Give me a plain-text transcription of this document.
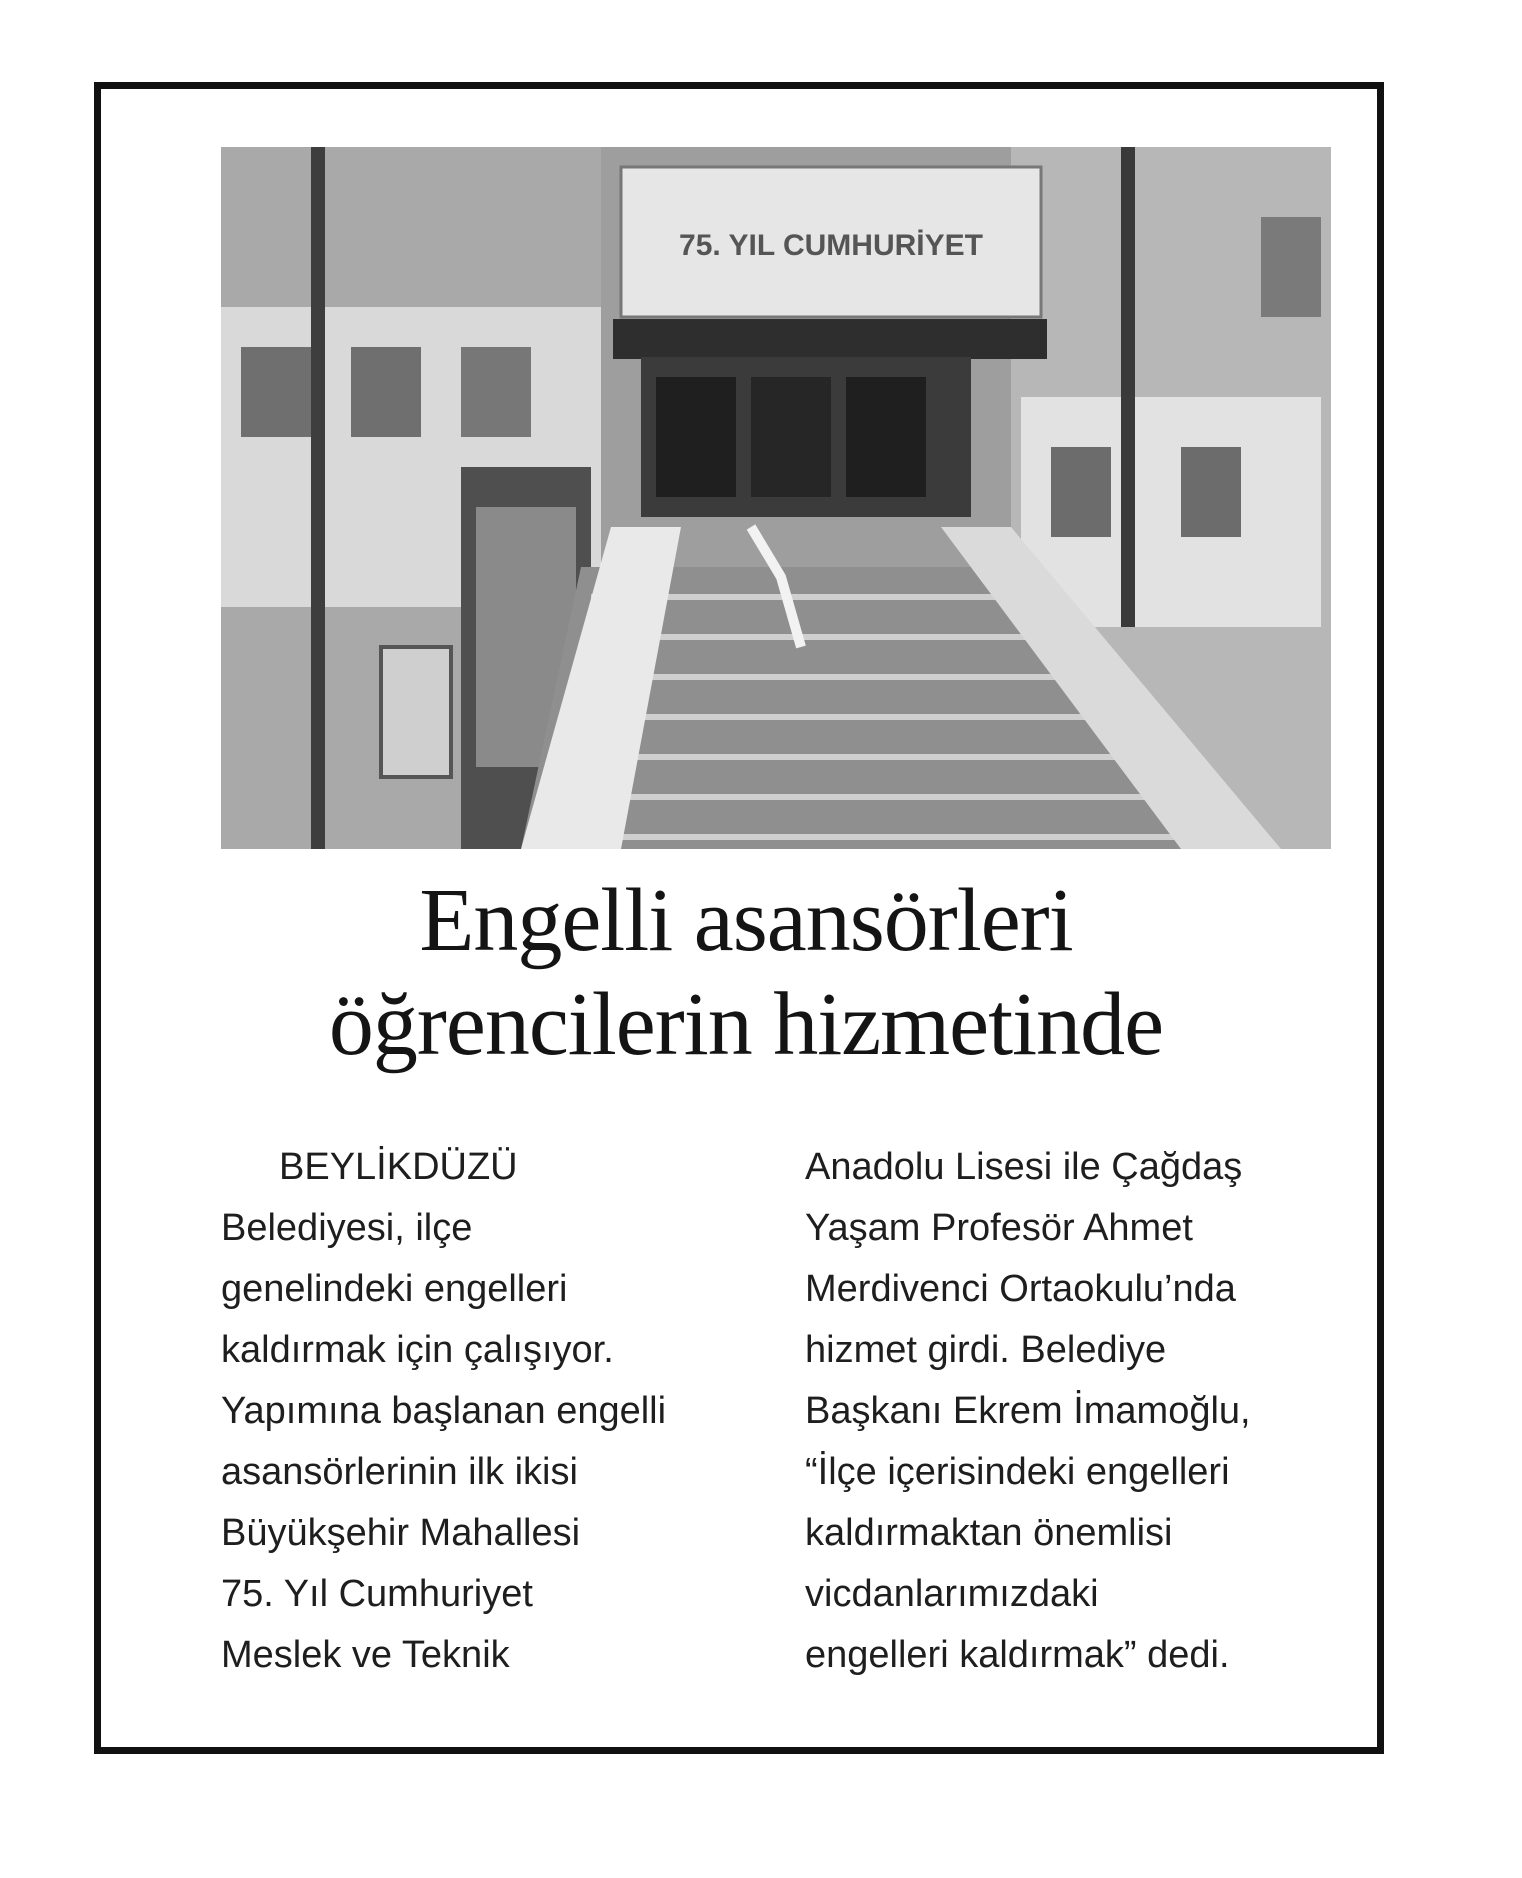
75. YIL CUMHURİYET
Engelli asansörleri
öğrencilerin hizmetinde
BEYLİKDÜZÜ
Belediyesi, ilçe
genelindeki engelleri
kaldırmak için çalışıyor.
Yapımına başlanan engelli
asansörlerinin ilk ikisi
Büyükşehir Mahallesi
75. Yıl Cumhuriyet
Meslek ve Teknik
Anadolu Lisesi ile Çağdaş
Yaşam Profesör Ahmet
Merdivenci Ortaokulu’nda
hizmet girdi. Belediye
Başkanı Ekrem İmamoğlu,
“İlçe içerisindeki engelleri
kaldırmaktan önemlisi
vicdanlarımızdaki
engelleri kaldırmak” dedi.
